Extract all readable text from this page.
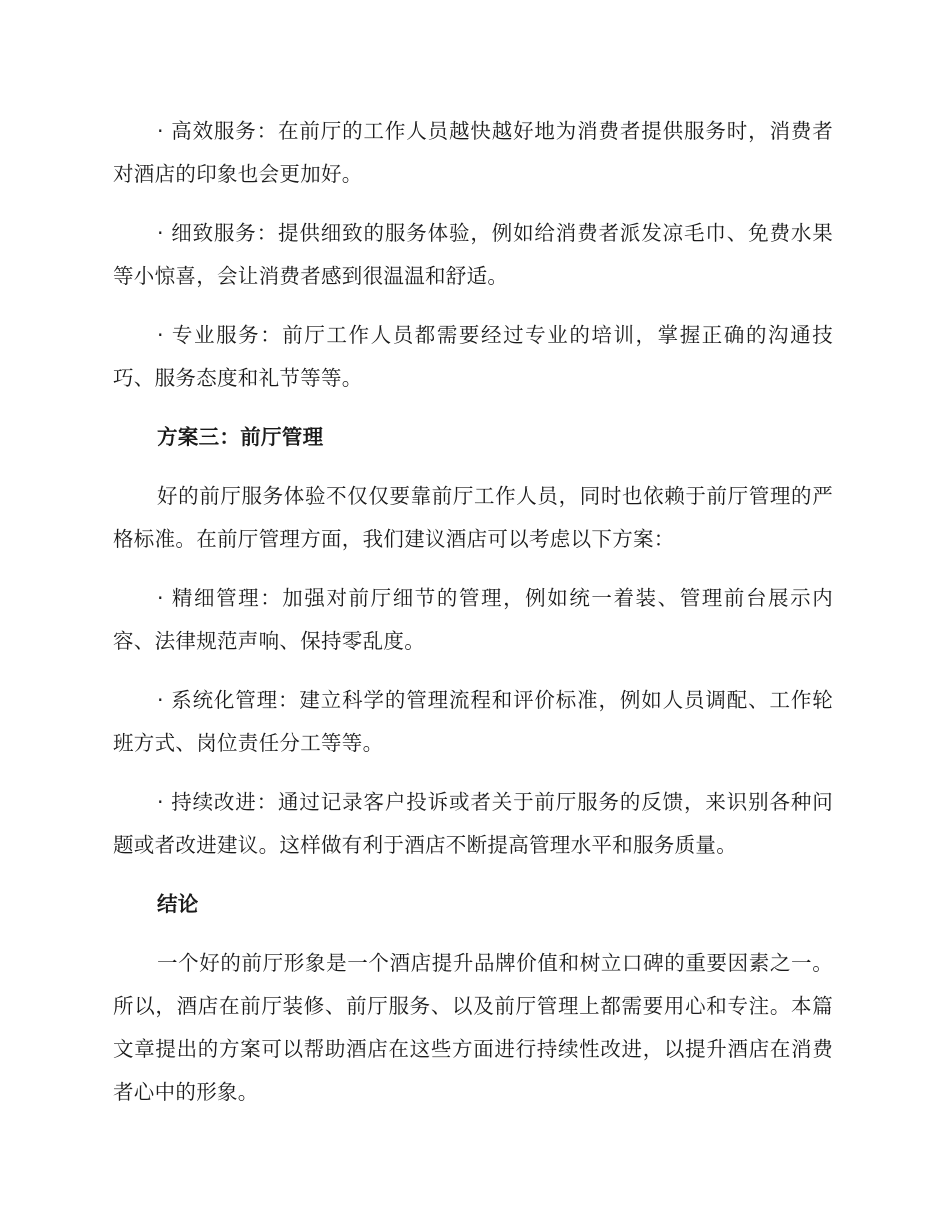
· 高效服务：在前厅的工作人员越快越好地为消费者提供服务时，消费者对酒店的印象也会更加好。

· 细致服务：提供细致的服务体验，例如给消费者派发凉毛巾、免费水果等小惊喜，会让消费者感到很温温和舒适。

· 专业服务：前厅工作人员都需要经过专业的培训，掌握正确的沟通技巧、服务态度和礼节等等。

方案三：前厅管理

好的前厅服务体验不仅仅要靠前厅工作人员，同时也依赖于前厅管理的严格标准。在前厅管理方面，我们建议酒店可以考虑以下方案：

· 精细管理：加强对前厅细节的管理，例如统一着装、管理前台展示内容、法律规范声响、保持零乱度。

· 系统化管理：建立科学的管理流程和评价标准，例如人员调配、工作轮班方式、岗位责任分工等等。

· 持续改进：通过记录客户投诉或者关于前厅服务的反馈，来识别各种问题或者改进建议。这样做有利于酒店不断提高管理水平和服务质量。

结论

一个好的前厅形象是一个酒店提升品牌价值和树立口碑的重要因素之一。所以，酒店在前厅装修、前厅服务、以及前厅管理上都需要用心和专注。本篇文章提出的方案可以帮助酒店在这些方面进行持续性改进，以提升酒店在消费者心中的形象。
